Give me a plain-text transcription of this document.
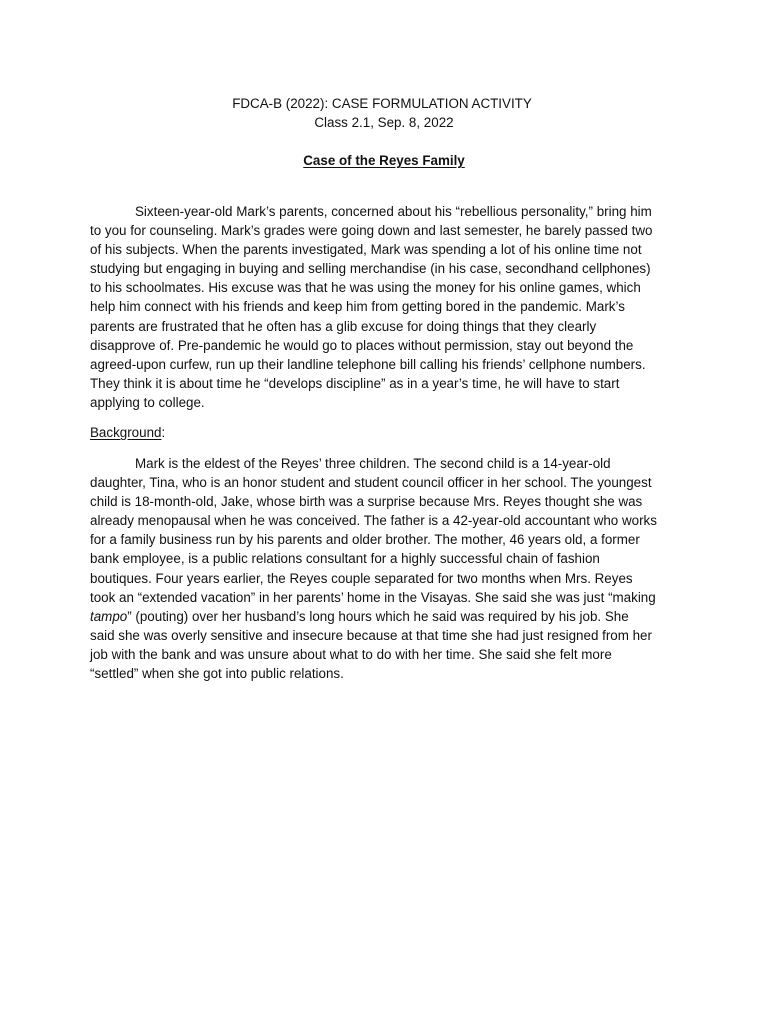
FDCA-B (2022): CASE FORMULATION ACTIVITY
Class 2.1, Sep. 8, 2022
Case of the Reyes Family
Sixteen-year-old Mark’s parents, concerned about his “rebellious personality,” bring him
to you for counseling. Mark’s grades were going down and last semester, he barely passed two
of his subjects. When the parents investigated, Mark was spending a lot of his online time not
studying but engaging in buying and selling merchandise (in his case, secondhand cellphones)
to his schoolmates. His excuse was that he was using the money for his online games, which
help him connect with his friends and keep him from getting bored in the pandemic. Mark’s
parents are frustrated that he often has a glib excuse for doing things that they clearly
disapprove of. Pre-pandemic he would go to places without permission, stay out beyond the
agreed-upon curfew, run up their landline telephone bill calling his friends’ cellphone numbers.
They think it is about time he “develops discipline” as in a year’s time, he will have to start
applying to college.
Background:
Mark is the eldest of the Reyes’ three children. The second child is a 14-year-old
daughter, Tina, who is an honor student and student council officer in her school. The youngest
child is 18-month-old, Jake, whose birth was a surprise because Mrs. Reyes thought she was
already menopausal when he was conceived. The father is a 42-year-old accountant who works
for a family business run by his parents and older brother. The mother, 46 years old, a former
bank employee, is a public relations consultant for a highly successful chain of fashion
boutiques. Four years earlier, the Reyes couple separated for two months when Mrs. Reyes
took an “extended vacation” in her parents’ home in the Visayas. She said she was just “making
tampo” (pouting) over her husband’s long hours which he said was required by his job. She
said she was overly sensitive and insecure because at that time she had just resigned from her
job with the bank and was unsure about what to do with her time. She said she felt more
“settled” when she got into public relations.
